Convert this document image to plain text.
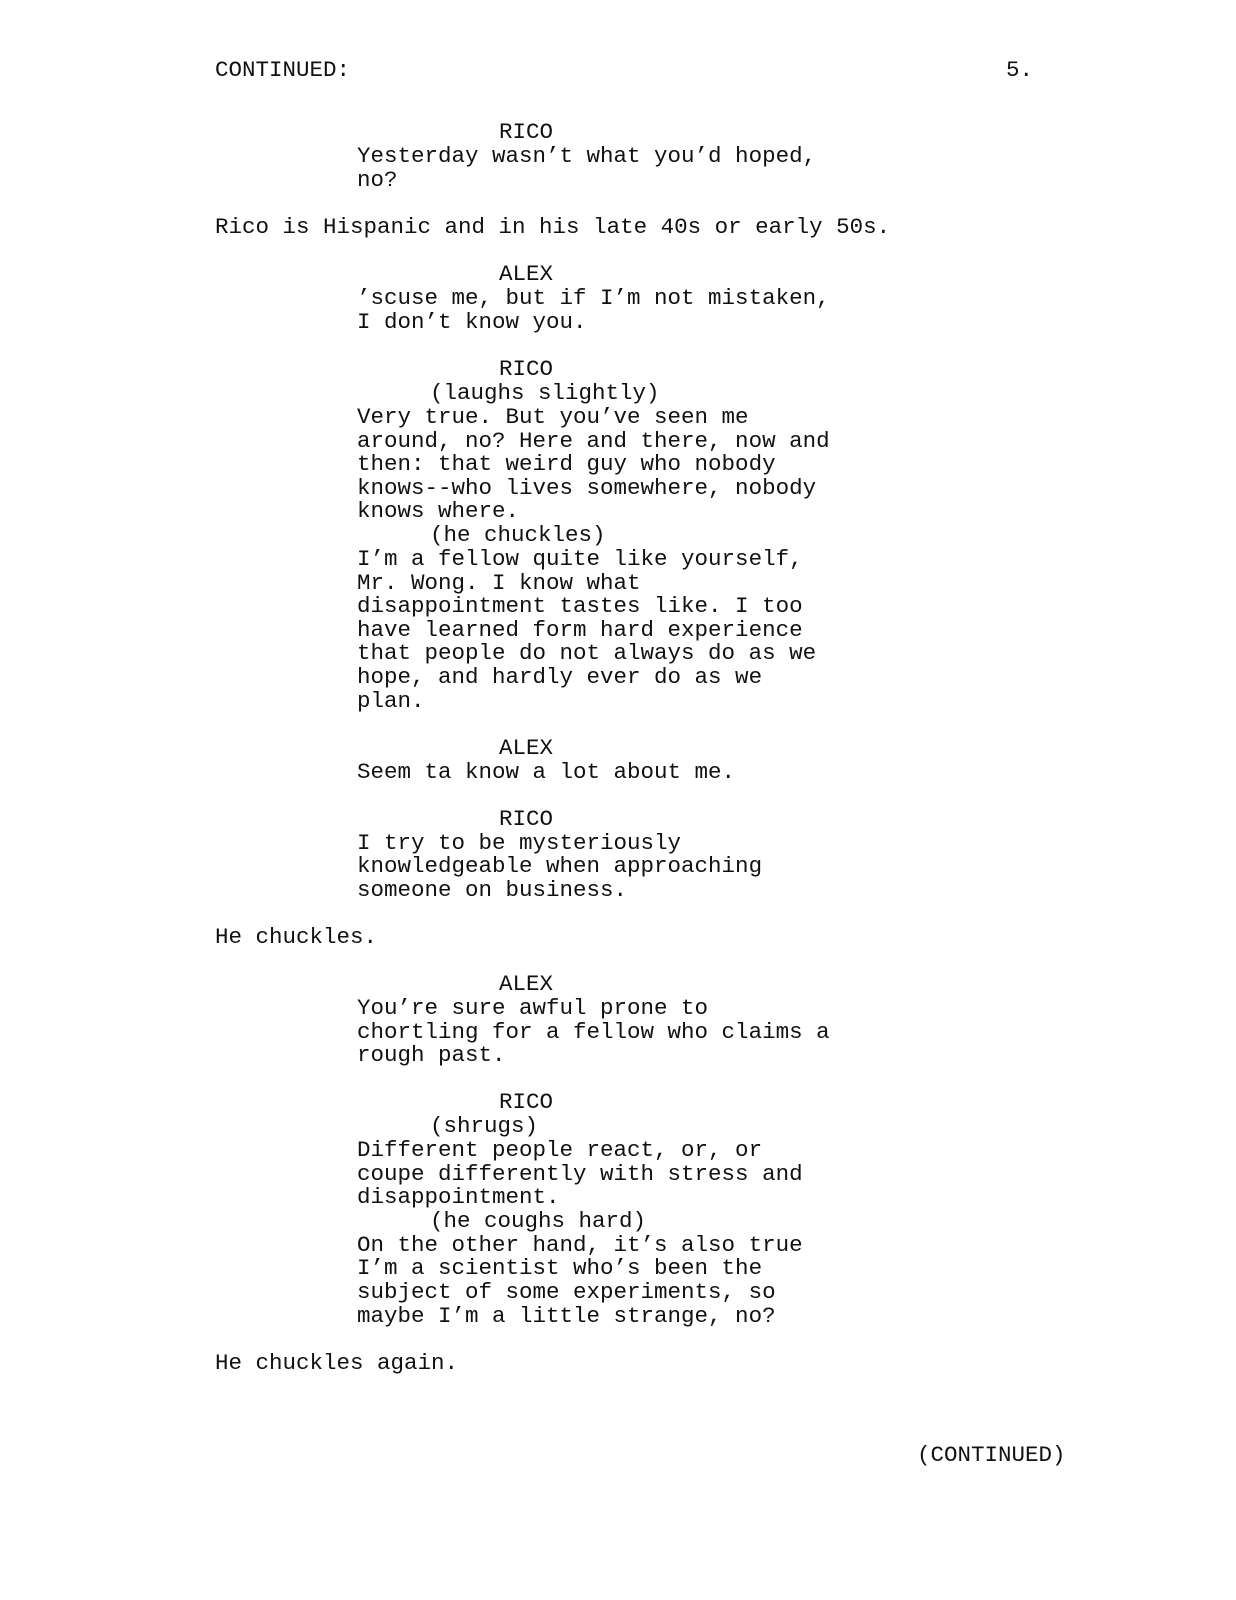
CONTINUED:	5.
RICO
Yesterday wasn’t what you’d hoped,
no?
Rico is Hispanic and in his late 40s or early 50s.
ALEX
’scuse me, but if I’m not mistaken,
I don’t know you.
RICO
(laughs slightly)
Very true. But you’ve seen me
around, no? Here and there, now and
then: that weird guy who nobody
knows--who lives somewhere, nobody
knows where.
(he chuckles)
I’m a fellow quite like yourself,
Mr. Wong. I know what
disappointment tastes like. I too
have learned form hard experience
that people do not always do as we
hope, and hardly ever do as we
plan.
ALEX
Seem ta know a lot about me.
RICO
I try to be mysteriously
knowledgeable when approaching
someone on business.
He chuckles.
ALEX
You’re sure awful prone to
chortling for a fellow who claims a
rough past.
RICO
(shrugs)
Different people react, or, or
coupe differently with stress and
disappointment.
(he coughs hard)
On the other hand, it’s also true
I’m a scientist who’s been the
subject of some experiments, so
maybe I’m a little strange, no?
He chuckles again.
(CONTINUED)
